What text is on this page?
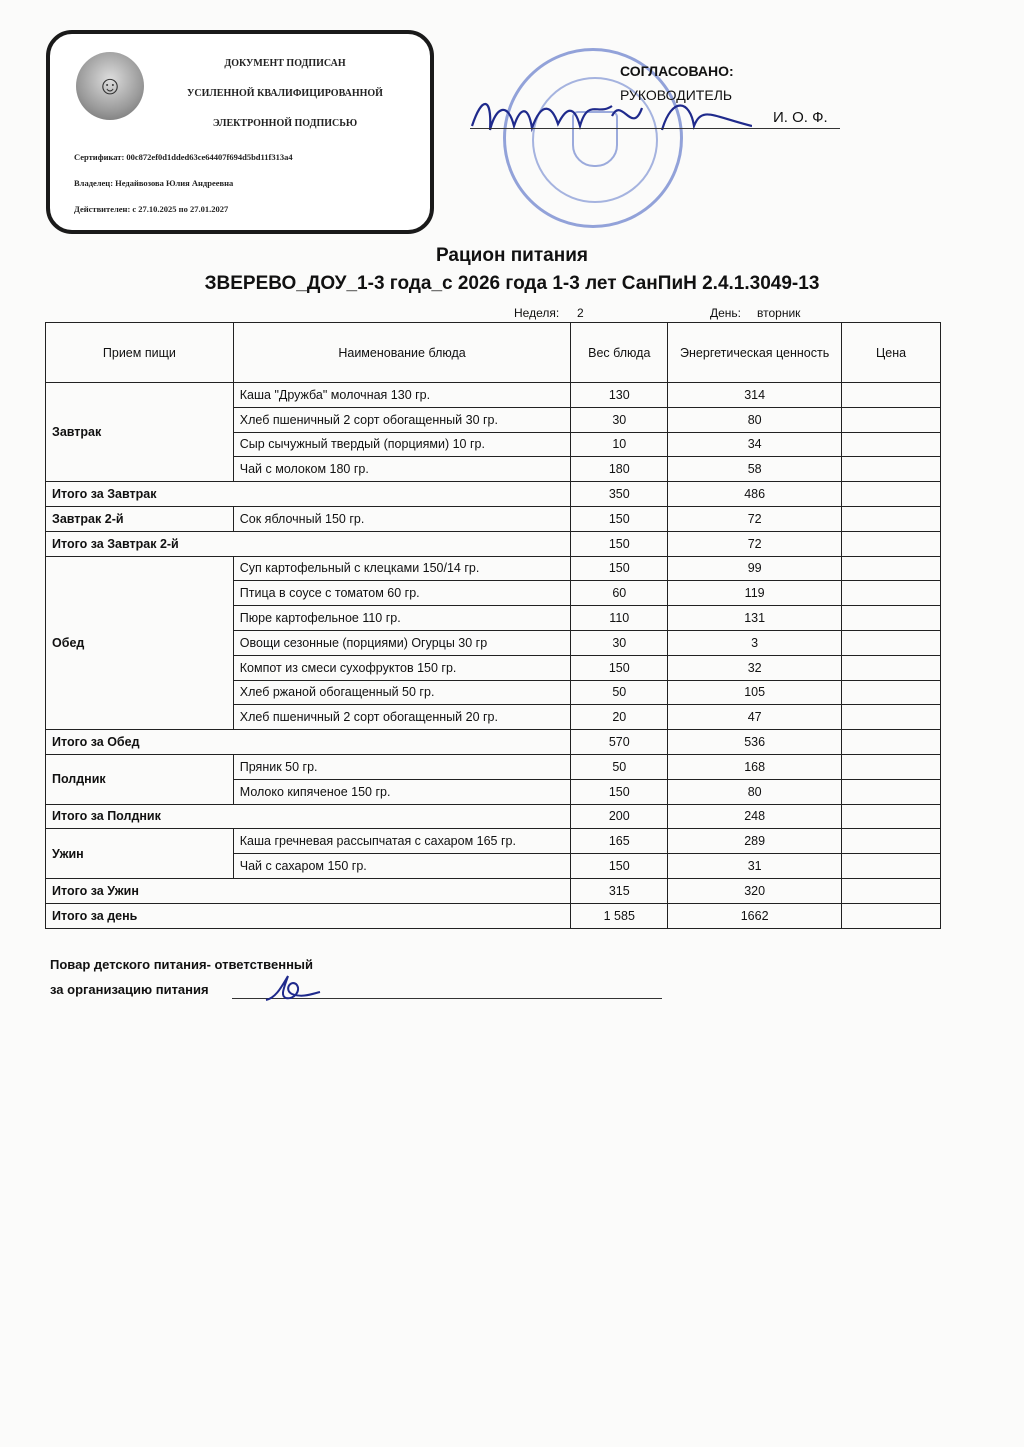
☺
ДОКУМЕНТ ПОДПИСАН
УСИЛЕННОЙ КВАЛИФИЦИРОВАННОЙ
ЭЛЕКТРОННОЙ ПОДПИСЬЮ
Сертификат: 00c872ef0d1dded63ce64407f694d5bd11f313a4
Владелец: Недайвозова Юлия Андреевна
Действителен: с 27.10.2025 по 27.01.2027
СОГЛАСОВАНО:
РУКОВОДИТЕЛЬ
И. О. Ф.
Рацион питания
ЗВЕРЕВО_ДОУ_1-3 года_с 2026 года 1-3 лет СанПиН 2.4.1.3049-13
Неделя: 2	День: вторник
Прием пищи	Наименование блюда	Вес блюда	Энергетическая ценность	Цена
Завтрак	Каша "Дружба" молочная 130 гр.	130	314	
	Хлеб пшеничный 2 сорт обогащенный 30 гр.	30	80	
	Сыр сычужный твердый (порциями) 10 гр.	10	34	
	Чай с молоком 180 гр.	180	58	
Итого за Завтрак		350	486	
Завтрак 2-й	Сок яблочный 150 гр.	150	72	
Итого за Завтрак 2-й		150	72	
Обед	Суп картофельный с клецками 150/14 гр.	150	99	
	Птица в соусе с томатом 60 гр.	60	119	
	Пюре картофельное 110 гр.	110	131	
	Овощи сезонные (порциями) Огурцы 30 гр	30	3	
	Компот из смеси сухофруктов 150 гр.	150	32	
	Хлеб ржаной обогащенный 50 гр.	50	105	
	Хлеб пшеничный 2 сорт обогащенный 20 гр.	20	47	
Итого за Обед		570	536	
Полдник	Пряник 50 гр.	50	168	
	Молоко кипяченое 150 гр.	150	80	
Итого за Полдник		200	248	
Ужин	Каша гречневая рассыпчатая с сахаром 165 гр.	165	289	
	Чай с сахаром 150 гр.	150	31	
Итого за Ужин		315	320	
Итого за день		1 585	1662	
Повар детского питания- ответственный
за организацию питания
